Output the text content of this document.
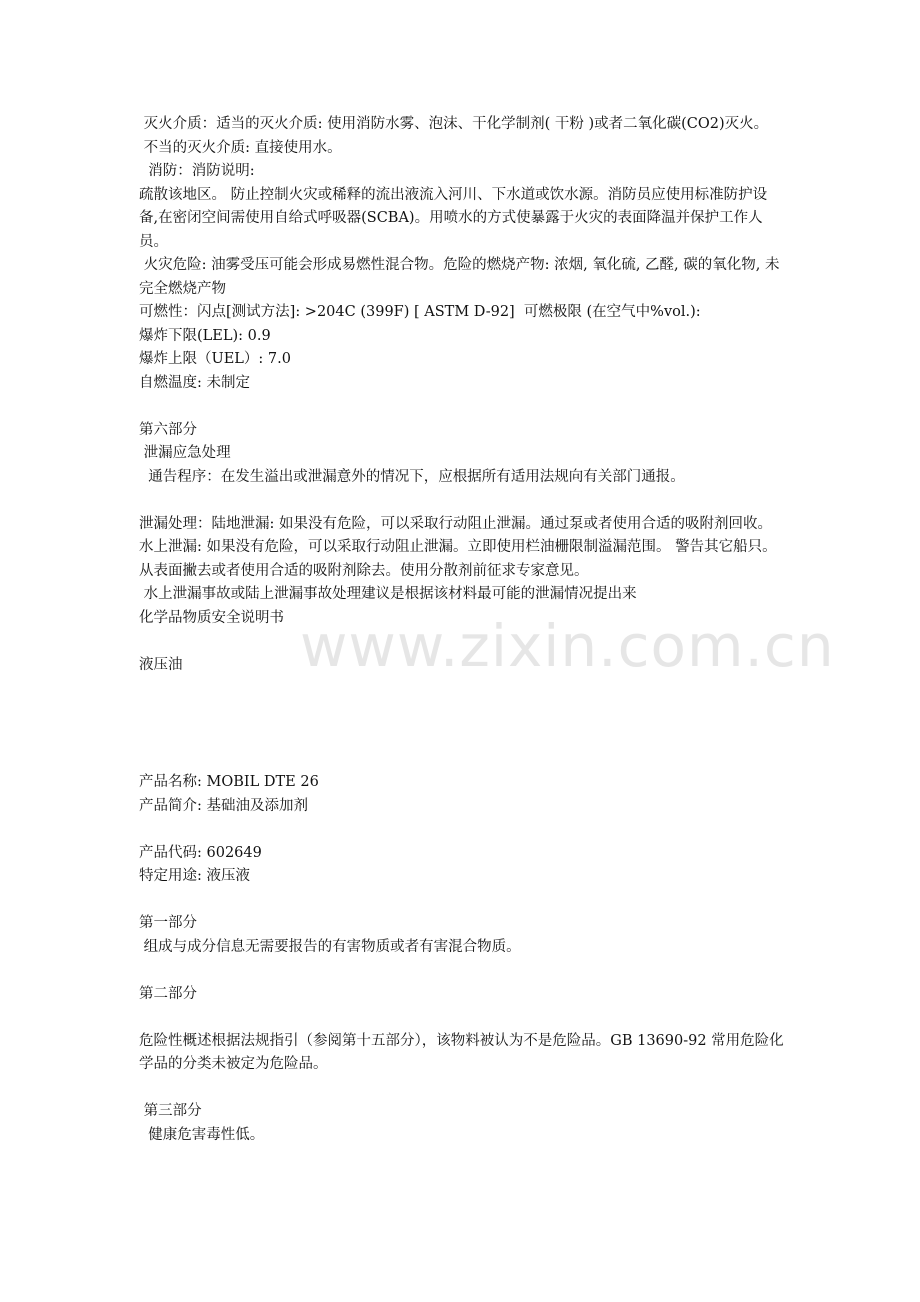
www.zixin.com.cn

灭火介质：适当的灭火介质: 使用消防水雾、泡沫、干化学制剂( 干粉 )或者二氧化碳(CO2)灭火。

不当的灭火介质: 直接使用水。

消防：消防说明:

疏散该地区。 防止控制火灾或稀释的流出液流入河川、下水道或饮水源。消防员应使用标准防护设备,在密闭空间需使用自给式呼吸器(SCBA)。用喷水的方式使暴露于火灾的表面降温并保护工作人员。

火灾危险: 油雾受压可能会形成易燃性混合物。危险的燃烧产物: 浓烟, 氧化硫, 乙醛, 碳的氧化物, 未完全燃烧产物

可燃性：闪点[测试方法]: >204C (399F) [ ASTM D-92]  可燃极限 (在空气中%vol.):

爆炸下限(LEL): 0.9

爆炸上限（UEL）: 7.0

自燃温度: 未制定

第六部分

泄漏应急处理

通告程序：在发生溢出或泄漏意外的情况下，应根据所有适用法规向有关部门通报。

泄漏处理：陆地泄漏: 如果没有危险，可以采取行动阻止泄漏。通过泵或者使用合适的吸附剂回收。水上泄漏: 如果没有危险，可以采取行动阻止泄漏。立即使用栏油栅限制溢漏范围。 警告其它船只。从表面撇去或者使用合适的吸附剂除去。使用分散剂前征求专家意见。

水上泄漏事故或陆上泄漏事故处理建议是根据该材料最可能的泄漏情况提出来

化学品物质安全说明书

液压油

产品名称: MOBIL DTE 26

产品简介: 基础油及添加剂

产品代码: 602649

特定用途: 液压液

第一部分

组成与成分信息无需要报告的有害物质或者有害混合物质。

第二部分

危险性概述根据法规指引（参阅第十五部分），该物料被认为不是危险品。GB 13690-92 常用危险化学品的分类未被定为危险品。

第三部分

健康危害毒性低。
